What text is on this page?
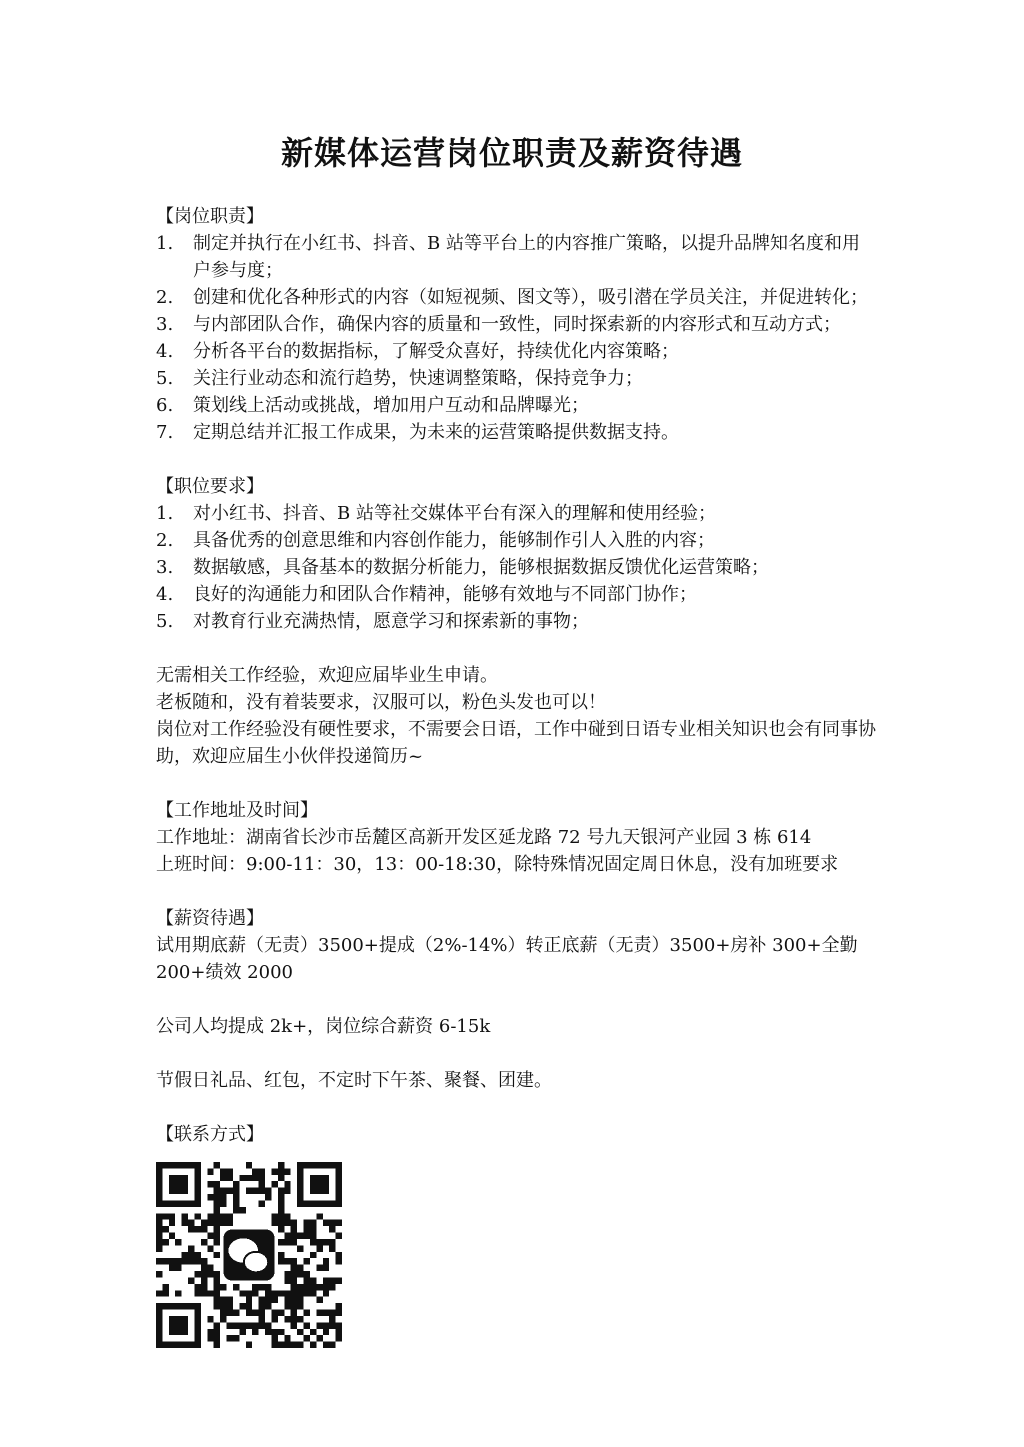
新媒体运营岗位职责及薪资待遇
【岗位职责】
1. 制定并执行在小红书、抖音、B 站等平台上的内容推广策略，以提升品牌知名度和用户参与度；
2. 创建和优化各种形式的内容（如短视频、图文等），吸引潜在学员关注，并促进转化；
3. 与内部团队合作，确保内容的质量和一致性，同时探索新的内容形式和互动方式；
4. 分析各平台的数据指标，了解受众喜好，持续优化内容策略；
5. 关注行业动态和流行趋势，快速调整策略，保持竞争力；
6. 策划线上活动或挑战，增加用户互动和品牌曝光；
7. 定期总结并汇报工作成果，为未来的运营策略提供数据支持。
【职位要求】
1. 对小红书、抖音、B 站等社交媒体平台有深入的理解和使用经验；
2. 具备优秀的创意思维和内容创作能力，能够制作引人入胜的内容；
3. 数据敏感，具备基本的数据分析能力，能够根据数据反馈优化运营策略；
4. 良好的沟通能力和团队合作精神，能够有效地与不同部门协作；
5. 对教育行业充满热情，愿意学习和探索新的事物；

无需相关工作经验，欢迎应届毕业生申请。

老板随和，没有着装要求，汉服可以，粉色头发也可以！

岗位对工作经验没有硬性要求，不需要会日语，工作中碰到日语专业相关知识也会有同事协助，欢迎应届生小伙伴投递简历~

【工作地址及时间】

工作地址：湖南省长沙市岳麓区高新开发区延龙路 72 号九天银河产业园 3 栋 614

上班时间：9:00-11：30，13：00-18:30，除特殊情况固定周日休息，没有加班要求

【薪资待遇】

试用期底薪（无责）3500+提成（2%-14%）转正底薪（无责）3500+房补 300+全勤 200+绩效 2000

公司人均提成 2k+，岗位综合薪资 6-15k

节假日礼品、红包，不定时下午茶、聚餐、团建。

【联系方式】
